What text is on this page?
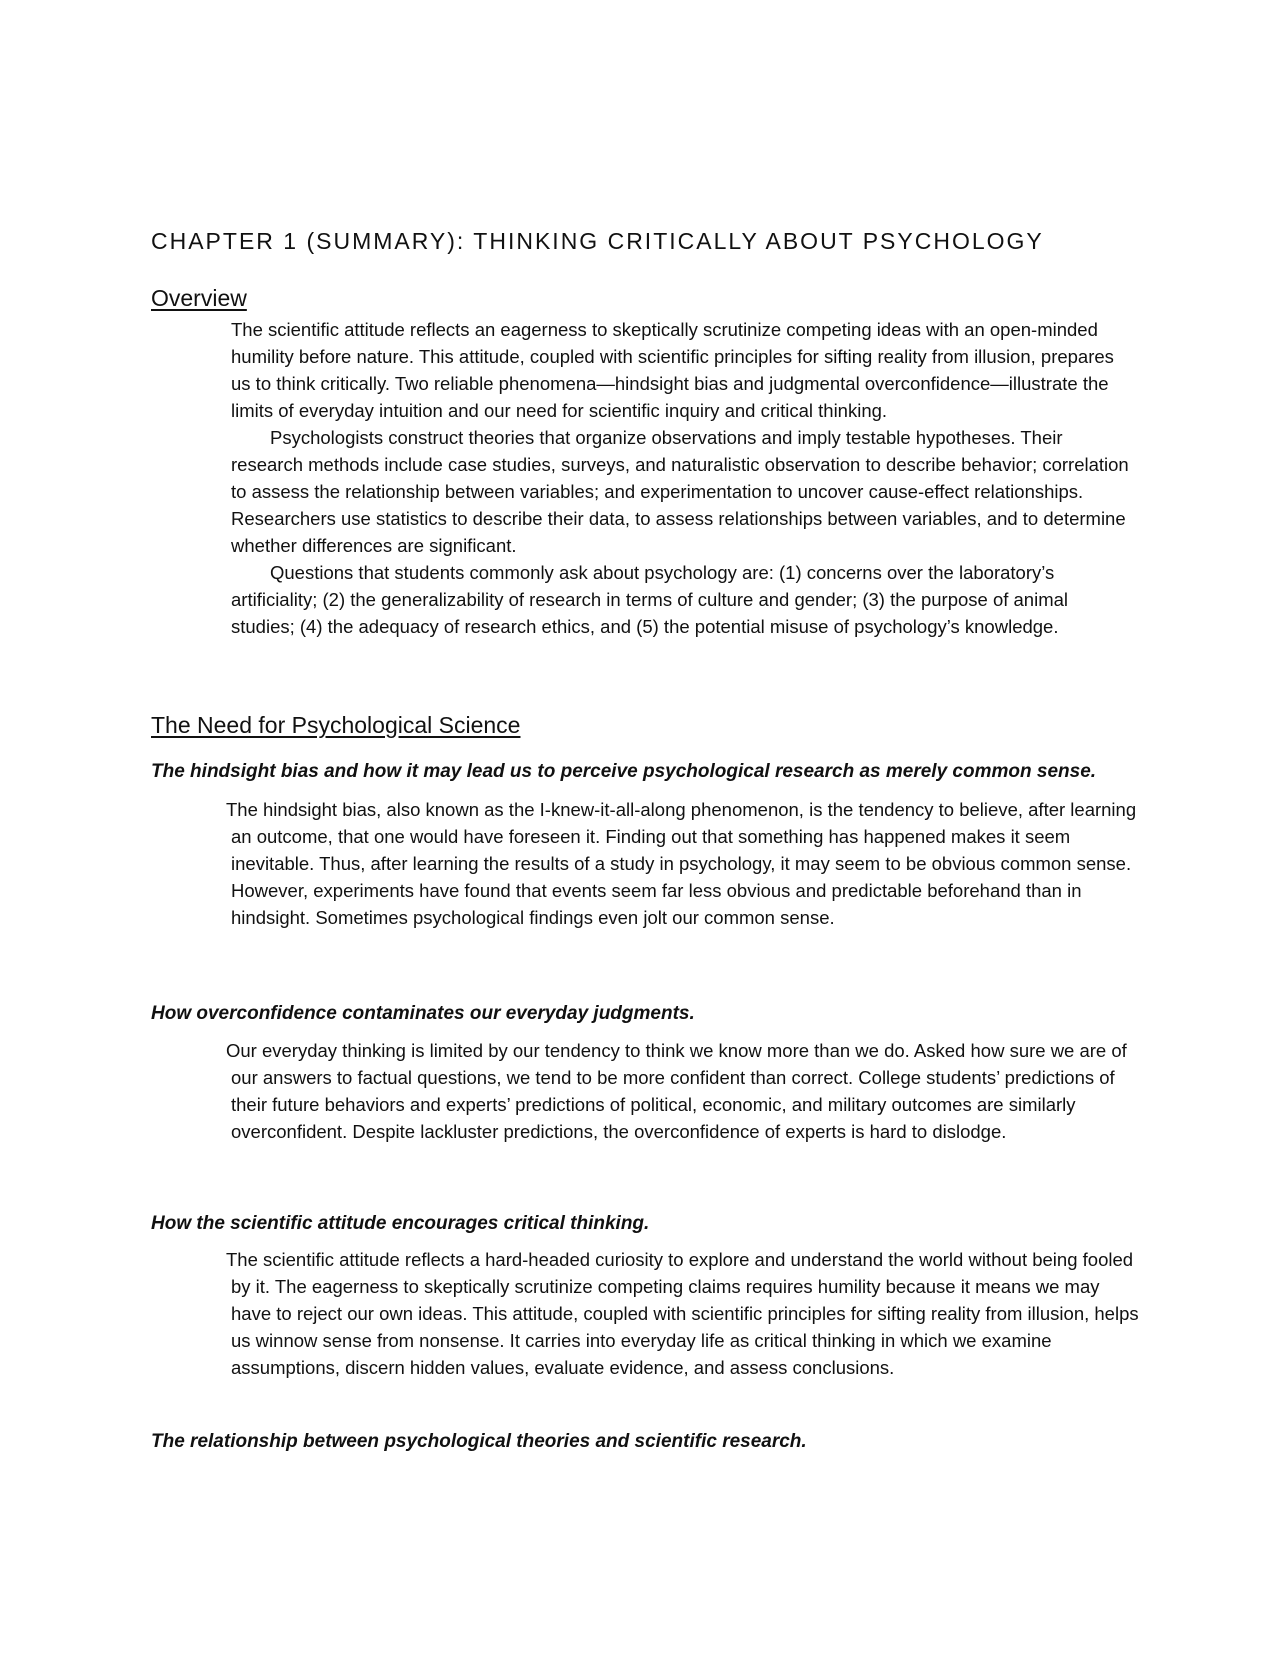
CHAPTER 1 (SUMMARY): THINKING CRITICALLY ABOUT PSYCHOLOGY
Overview

The scientific attitude reflects an eagerness to skeptically scrutinize competing ideas with an open-minded humility before nature. This attitude, coupled with scientific principles for sifting reality from illusion, prepares us to think critically. Two reliable phenomena—hindsight bias and judgmental overconfidence—illustrate the limits of everyday intuition and our need for scientific inquiry and critical thinking.

Psychologists construct theories that organize observations and imply testable hypotheses. Their research methods include case studies, surveys, and naturalistic observation to describe behavior; correlation to assess the relationship between variables; and experimentation to uncover cause-effect relationships. Researchers use statistics to describe their data, to assess relationships between variables, and to determine whether differences are significant.

Questions that students commonly ask about psychology are: (1) concerns over the laboratory’s artificiality; (2) the generalizability of research in terms of culture and gender; (3) the purpose of animal studies; (4) the adequacy of research ethics, and (5) the potential misuse of psychology’s knowledge.

The Need for Psychological Science
The hindsight bias and how it may lead us to perceive psychological research as merely common sense.

The hindsight bias, also known as the I-knew-it-all-along phenomenon, is the tendency to believe, after learning an outcome, that one would have foreseen it. Finding out that something has happened makes it seem inevitable. Thus, after learning the results of a study in psychology, it may seem to be obvious common sense. However, experiments have found that events seem far less obvious and predictable beforehand than in hindsight. Sometimes psychological findings even jolt our common sense.

How overconfidence contaminates our everyday judgments.

Our everyday thinking is limited by our tendency to think we know more than we do. Asked how sure we are of our answers to factual questions, we tend to be more confident than correct. College students’ predictions of their future behaviors and experts’ predictions of political, economic, and military outcomes are similarly overconfident. Despite lackluster predictions, the overconfidence of experts is hard to dislodge.

How the scientific attitude encourages critical thinking.

The scientific attitude reflects a hard-headed curiosity to explore and understand the world without being fooled by it. The eagerness to skeptically scrutinize competing claims requires humility because it means we may have to reject our own ideas. This attitude, coupled with scientific principles for sifting reality from illusion, helps us winnow sense from nonsense. It carries into everyday life as critical thinking in which we examine assumptions, discern hidden values, evaluate evidence, and assess conclusions.

The relationship between psychological theories and scientific research.
